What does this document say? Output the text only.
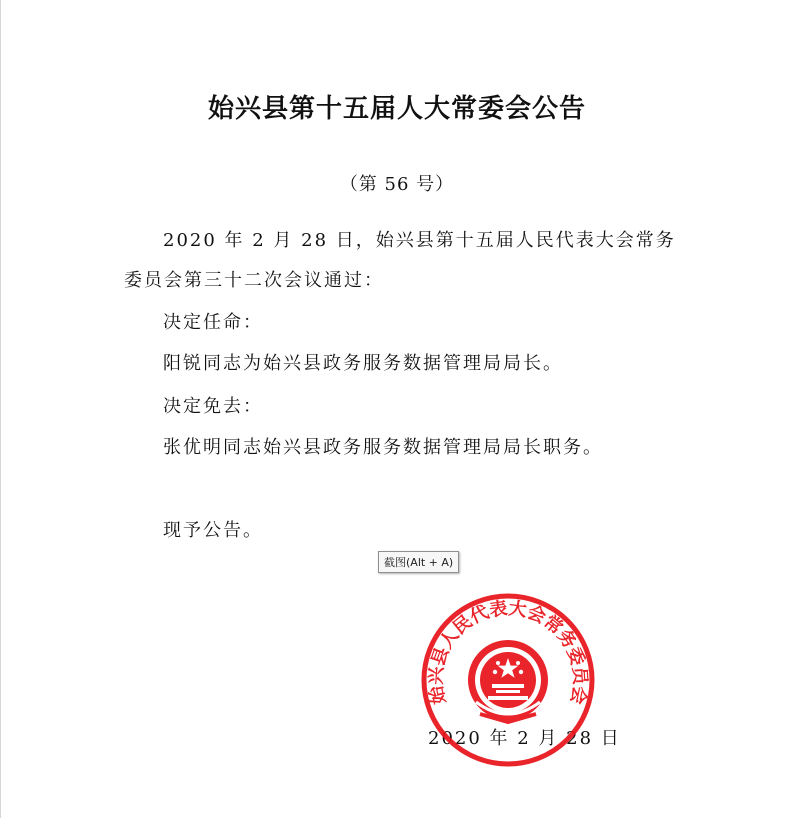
始兴县第十五届人大常委会公告
（第 56 号）
2020 年 2 月 28 日，始兴县第十五届人民代表大会常务
委员会第三十二次会议通过：
决定任命：
阳锐同志为始兴县政务服务数据管理局局长。
决定免去：
张优明同志始兴县政务服务数据管理局局长职务。
现予公告。
截图(Alt + A)
2020 年 2 月 28 日
始兴县人民代表大会常务委员会
